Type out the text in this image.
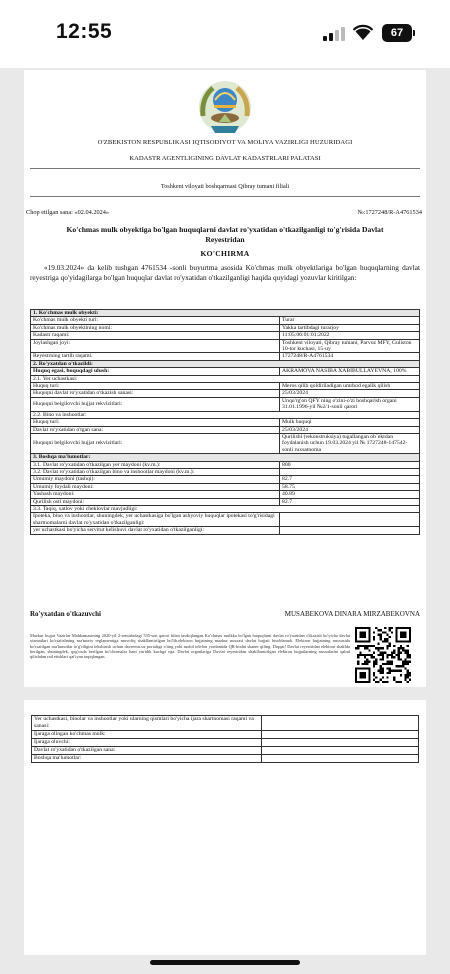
12:55	67
O'ZBEKISTON RESPUBLIKASI IQTISODIYOT VA MOLIYA VAZIRLIGI HUZURIDAGI
KADASTR AGENTLIGINING DAVLAT KADASTRLARI PALATASI
Toshkent viloyati boshqarmasi Qibray tumani filiali
Chop etilgan sana: «02.04.2024»	№:1727248/R-A4761534
Ko'chmas mulk obyektiga bo'lgan huquqlarni davlat ro'yxatidan o'tkazilganligi to'g'risida Davlat Reyestridan
KO'CHIRMA
«19.03.2024» da kelib tushgan 4761534 -sonli buyurtma asosida Ko'chmas mulk obyektlariga bo'lgan huquqlarning davlat reyestriga qo'yidagilarga bo'lgan huquqlar davlat ro'yxatidan o'tkazilganligi haqida quyidagi yozuvlar kiritilgan:
1. Ko'chmas mulk obyekti:	
Ko'chmas mulk obyekti turi:	Turar
Ko'chmas mulk obyektining nomi:	Yakka tartibdagi turarjoy
Kadastr raqami:	11:05:06:01:01:2022
Joylashgan joyi:	Toshkent viloyati, Qibray tumani, Parvoz MFY, Guliston 10-tor kuchasi, 15-uy
Reyestrning tartib raqami:	1727248/R-A4761534
2. Ro'yxatdan o'tkazildi:	
Huquq egasi, huquqdagi ulush:	AKRAMOVA NASIBA XABIBULLAYEVNA, 100%
2.1. Yer uchastkasi:	
Huquq turi:	Meros qilib qoldiriladigan umrbod egalik qilish
Huquqni davlat ro'yxatidan o'tkazish sanasi:	25/03/2024
Huquqni belgilovchi hujjat rekvizitlari:	Unqo'rg'on QFY ning o'zini-o'zi boshqarish organi 31.01.1996-yil №2/1-sonli qarori
2.2. Bino va inshootlar:	
Huquq turi:	Mulk huquqi
Davlat ro'yxatidan o'tgan sana:	25/03/2024
Huquqni belgilovchi hujjat rekvizitlari:	Qurilishi (rekonstruksiya) tugallangan ob`ektdan foydalanish uchun 19.03.2024 yil № 1727248-147542-sonli ruxsatnoma
3. Boshqa ma'lumotlar:	
3.1. Davlat ro'yxatidan o'tkazilgan yer maydoni (kv.m.):	800
3.2. Davlat ro'yxatidan o'tkazilgan bino va inshootlar maydoni (kv.m.):	
Umumiy maydoni (tashqi):	82.7
Umumiy foydali maydoni:	58.75
Yashash maydoni:	40.89
Qurilish osti maydoni:	82.7
3.3. Taqiq, xatlov yoki cheklovlar mavjudligi:	
Ipoteka, bino va inshootlar, shuningdek, yer uchastkasiga bo'lgan ashyoviy huquqlar ipotekasi to'g'risidagi shartnomalarni davlat ro'yxatidan o'tkazilganligi:	
yer uchastkasi bo'yicha servitut kelishuvi davlat ro'yxatidan o'tkazilganligi:	
Ro'yxatdan o'tkazuvchi	MUSABEKOVA DINARA MIRZABEKOVNA
Mazkur hujjat Vazirlar Mahkamasining 2020-yil 2-sentabrdagi 535-son qarori bilan tasdiqlangan Ko'chmas mulkka bo'lgan huquqlarni davlat ro'yxatidan o'tkazish bo'yicha davlat xizmatlari ko'rsatishning ma'muriy reglamentiga muvofiq shakllantirilgan bo'lib,elektron hujjatning mazkur nusxasi davlat hujjati hisoblanadi. Elektron hujjatning nusxasida ko'rsatilgan ma'lumotlar to'g'riligini tekshirish uchun davreestr.uz portaliga o'ting yoki mobil telefon yordamida QR-kodni skaner qiling. Diqqat! Davlat reyestridan elektron shaklda berilgan, shuningdek, qog'ozda berilgan ko'chirmalar ham yuridik kuchga ega. Davlat organlariga Davlat reyestridan shakllantirilgan elektron hujjatlarning nusxalarini qabul qilishdan rad etishlari qat'iyan taqiqlangan.
Yer uchastkasi, binolar va inshootlar yoki ularning qismlari bo'yicha ijara shartnomasi raqami va sanasi:	
Ijaraga olingan ko'chmas mulk:	
Ijaraga oluvchi:	
Davlat ro'yxatidan o'tkazilgan sana:	
Boshqa ma'lumotlar:	
